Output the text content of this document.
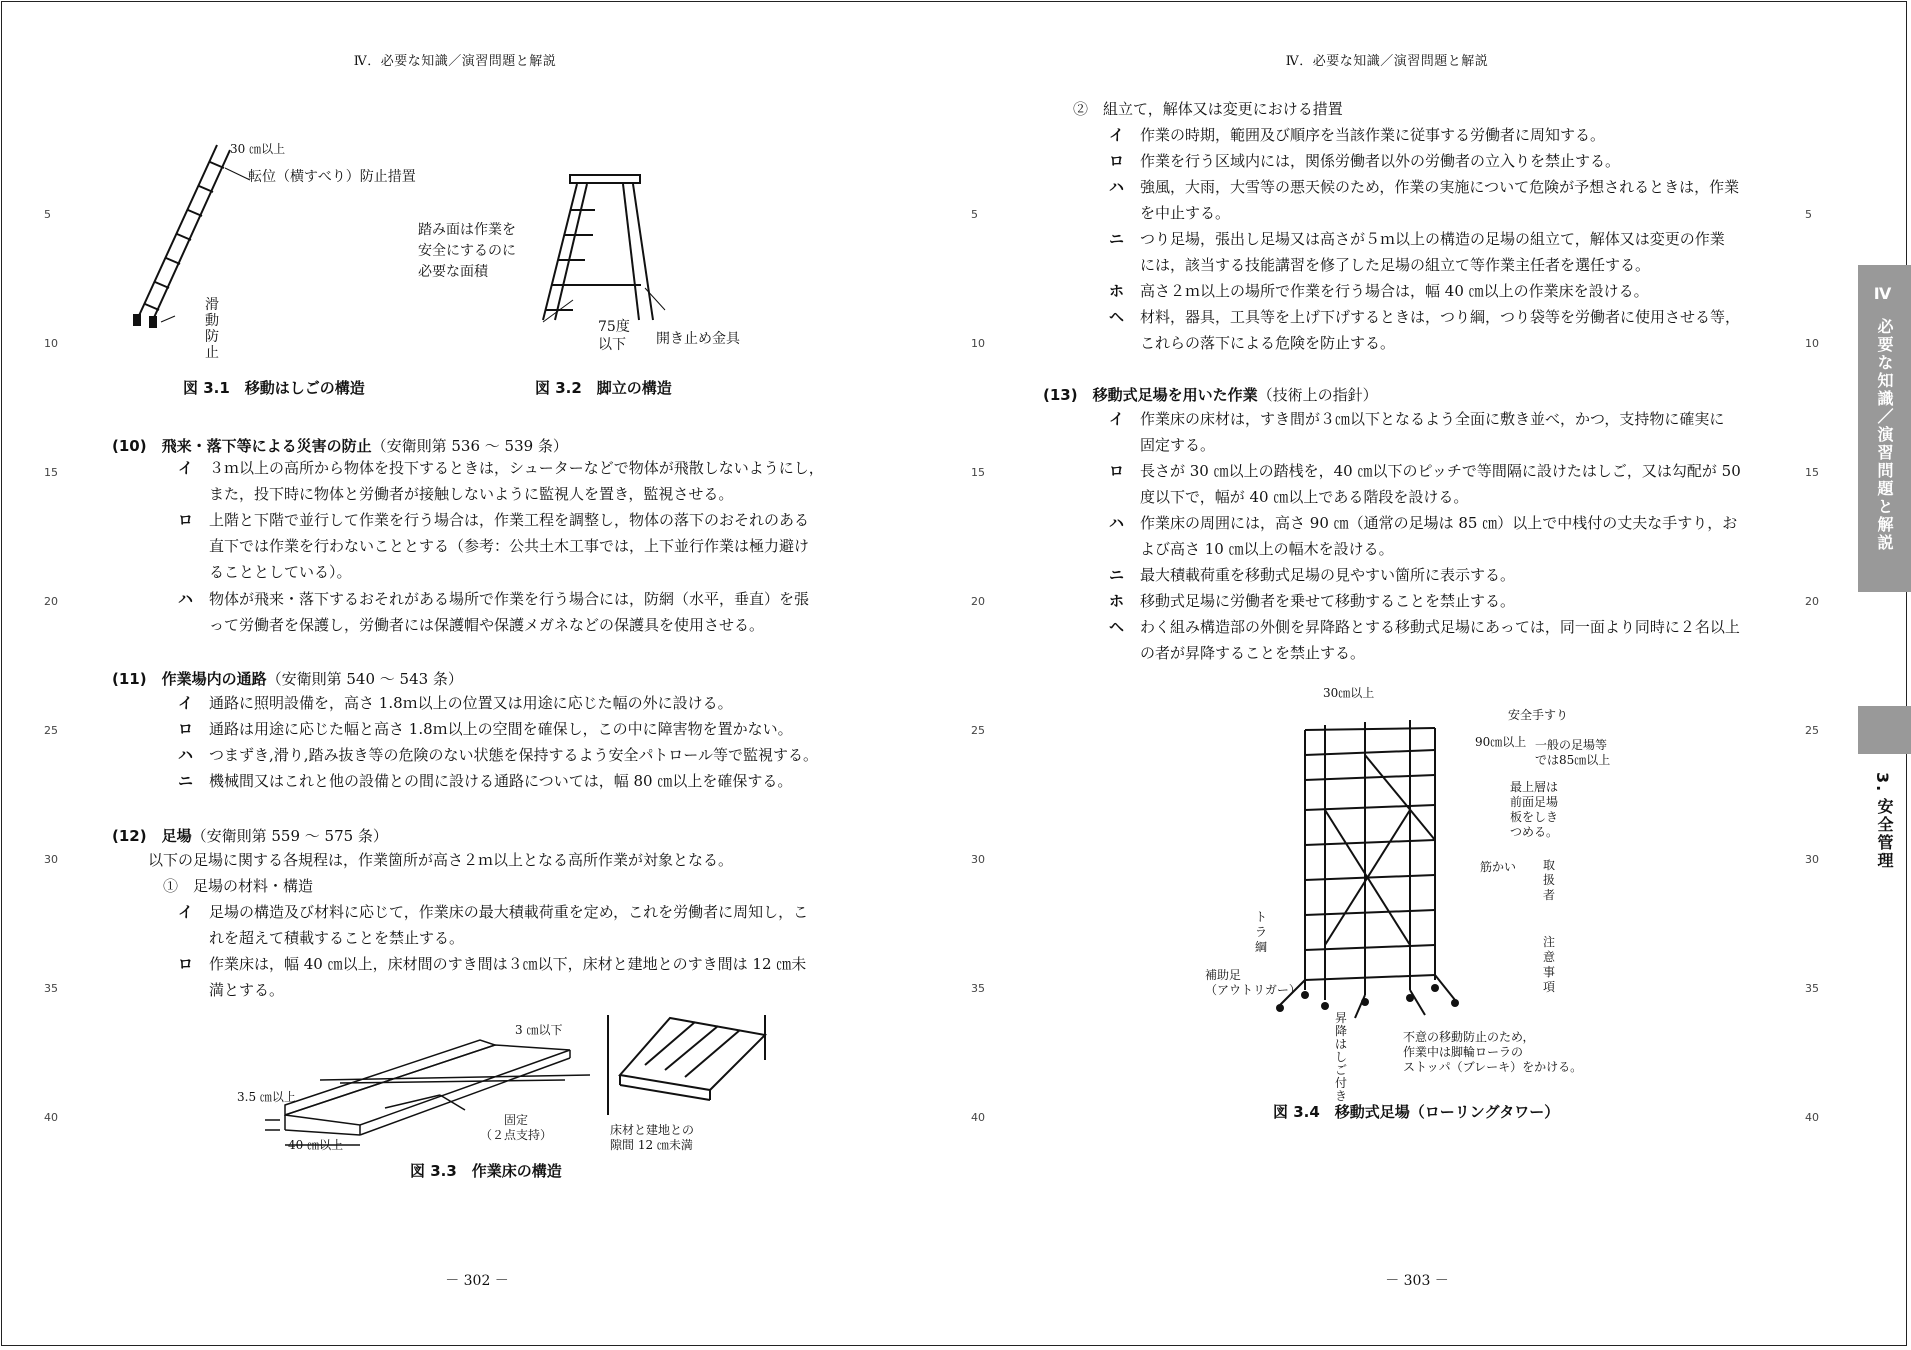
Ⅳ．必要な知識／演習問題と解説
5
10
15
20
25
30
35
40
30 ㎝以上
転位（横すべり）防止措置
滑
動
防
止
図 3.1　移動はしごの構造
踏み面は作業を
安全にするのに
必要な面積
75度
以下 開き止め金具
図 3.2　脚立の構造
(10)　飛来・落下等による災害の防止（安衛則第 536 ～ 539 条）
イ	３ｍ以上の高所から物体を投下するときは，シューターなどで物体が飛散しないようにし，
また，投下時に物体と労働者が接触しないように監視人を置き，監視させる。
ロ	上階と下階で並行して作業を行う場合は，作業工程を調整し，物体の落下のおそれのある
直下では作業を行わないこととする（参考：公共土木工事では，上下並行作業は極力避け
ることとしている）。
ハ	物体が飛来・落下するおそれがある場所で作業を行う場合には，防網（水平，垂直）を張
って労働者を保護し，労働者には保護帽や保護メガネなどの保護具を使用させる。
(11)　作業場内の通路（安衛則第 540 ～ 543 条）
イ	通路に照明設備を，高さ 1.8ｍ以上の位置又は用途に応じた幅の外に設ける。
ロ	通路は用途に応じた幅と高さ 1.8ｍ以上の空間を確保し，この中に障害物を置かない。
ハ	つまずき,滑り,踏み抜き等の危険のない状態を保持するよう安全パトロール等で監視する。
ニ	機械間又はこれと他の設備との間に設ける通路については，幅 80 ㎝以上を確保する。
(12)　足場（安衛則第 559 ～ 575 条）
以下の足場に関する各規程は，作業箇所が高さ２ｍ以上となる高所作業が対象となる。
①　足場の材料・構造
イ	足場の構造及び材料に応じて，作業床の最大積載荷重を定め，これを労働者に周知し，こ
れを超えて積載することを禁止する。
ロ	作業床は，幅 40 ㎝以上，床材間のすき間は３㎝以下，床材と建地とのすき間は 12 ㎝未
満とする。
3 ㎝以下
3.5 ㎝以上
固定
（２点支持）
40 ㎝以上
床材と建地との
隙間 12 ㎝未満
図 3.3　作業床の構造
－ 302 －
Ⅳ．必要な知識／演習問題と解説
5
10
15
20
25
30
35
40
5
10
15
20
25
30
35
40
②　組立て，解体又は変更における措置
イ	作業の時期，範囲及び順序を当該作業に従事する労働者に周知する。
ロ	作業を行う区域内には，関係労働者以外の労働者の立入りを禁止する。
ハ	強風，大雨，大雪等の悪天候のため，作業の実施について危険が予想されるときは，作業
を中止する。
ニ	つり足場，張出し足場又は高さが５ｍ以上の構造の足場の組立て，解体又は変更の作業
には，該当する技能講習を修了した足場の組立て等作業主任者を選任する。
ホ	高さ２ｍ以上の場所で作業を行う場合は，幅 40 ㎝以上の作業床を設ける。
ヘ	材料，器具，工具等を上げ下げするときは，つり綱，つり袋等を労働者に使用させる等，
これらの落下による危険を防止する。
(13)　移動式足場を用いた作業（技術上の指針）
イ	作業床の床材は，すき間が３㎝以下となるよう全面に敷き並べ，かつ，支持物に確実に
固定する。
ロ	長さが 30 ㎝以上の踏桟を，40 ㎝以下のピッチで等間隔に設けたはしご，又は勾配が 50
度以下で，幅が 40 ㎝以上である階段を設ける。
ハ	作業床の周囲には，高さ 90 ㎝（通常の足場は 85 ㎝）以上で中桟付の丈夫な手すり，お
よび高さ 10 ㎝以上の幅木を設ける。
ニ	最大積載荷重を移動式足場の見やすい箇所に表示する。
ホ	移動式足場に労働者を乗せて移動することを禁止する。
ヘ	わく組み構造部の外側を昇降路とする移動式足場にあっては，同一面より同時に２名以上
の者が昇降することを禁止する。
30㎝以上
安全手すり
90㎝以上 一般の足場等
では85㎝以上
最上層は
前面足場
板をしき
つめる。
筋かい 取
扱
者
ト
ラ
綱	注
意
事
項
補助足
（アウトリガー）
昇
降
は
し
ご
付
き
不意の移動防止のため，
作業中は脚輪ローラの
ストッパ（ブレーキ）をかける。
図 3.4　移動式足場（ローリングタワー）
－ 303 －
Ⅳ
必要な知識／演習問題と解説
3.
安全管理
